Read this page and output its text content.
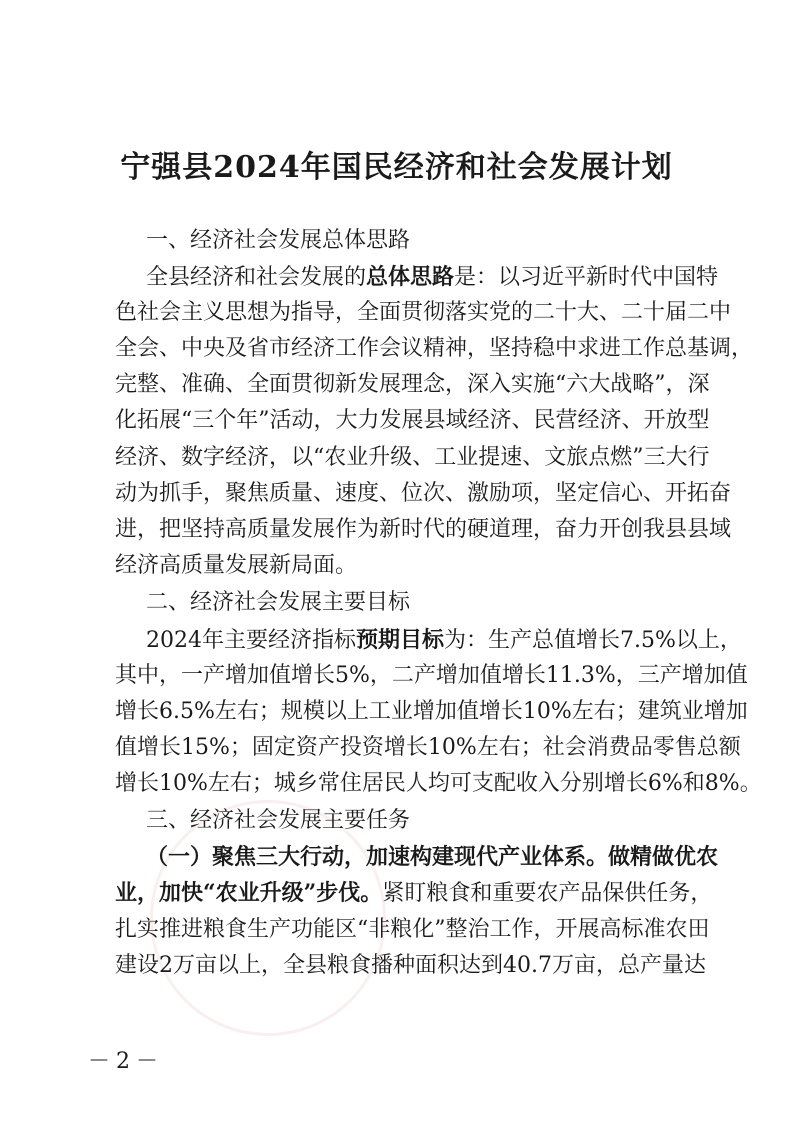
宁强县2024年国民经济和社会发展计划
一、经济社会发展总体思路
全县经济和社会发展的总体思路是：以习近平新时代中国特
色社会主义思想为指导，全面贯彻落实党的二十大、二十届二中
全会、中央及省市经济工作会议精神，坚持稳中求进工作总基调，
完整、准确、全面贯彻新发展理念，深入实施“六大战略”，深
化拓展“三个年”活动，大力发展县域经济、民营经济、开放型
经济、数字经济，以“农业升级、工业提速、文旅点燃”三大行
动为抓手，聚焦质量、速度、位次、激励项，坚定信心、开拓奋
进，把坚持高质量发展作为新时代的硬道理，奋力开创我县县域
经济高质量发展新局面。
二、经济社会发展主要目标
2024年主要经济指标预期目标为：生产总值增长7.5%以上，
其中，一产增加值增长5%，二产增加值增长11.3%，三产增加值
增长6.5%左右；规模以上工业增加值增长10%左右；建筑业增加
值增长15%；固定资产投资增长10%左右；社会消费品零售总额
增长10%左右；城乡常住居民人均可支配收入分别增长6%和8%。
三、经济社会发展主要任务
（一）聚焦三大行动，加速构建现代产业体系。做精做优农
业，加快“农业升级”步伐。紧盯粮食和重要农产品保供任务，
扎实推进粮食生产功能区“非粮化”整治工作，开展高标准农田
建设2万亩以上，全县粮食播种面积达到40.7万亩，总产量达
－2－
